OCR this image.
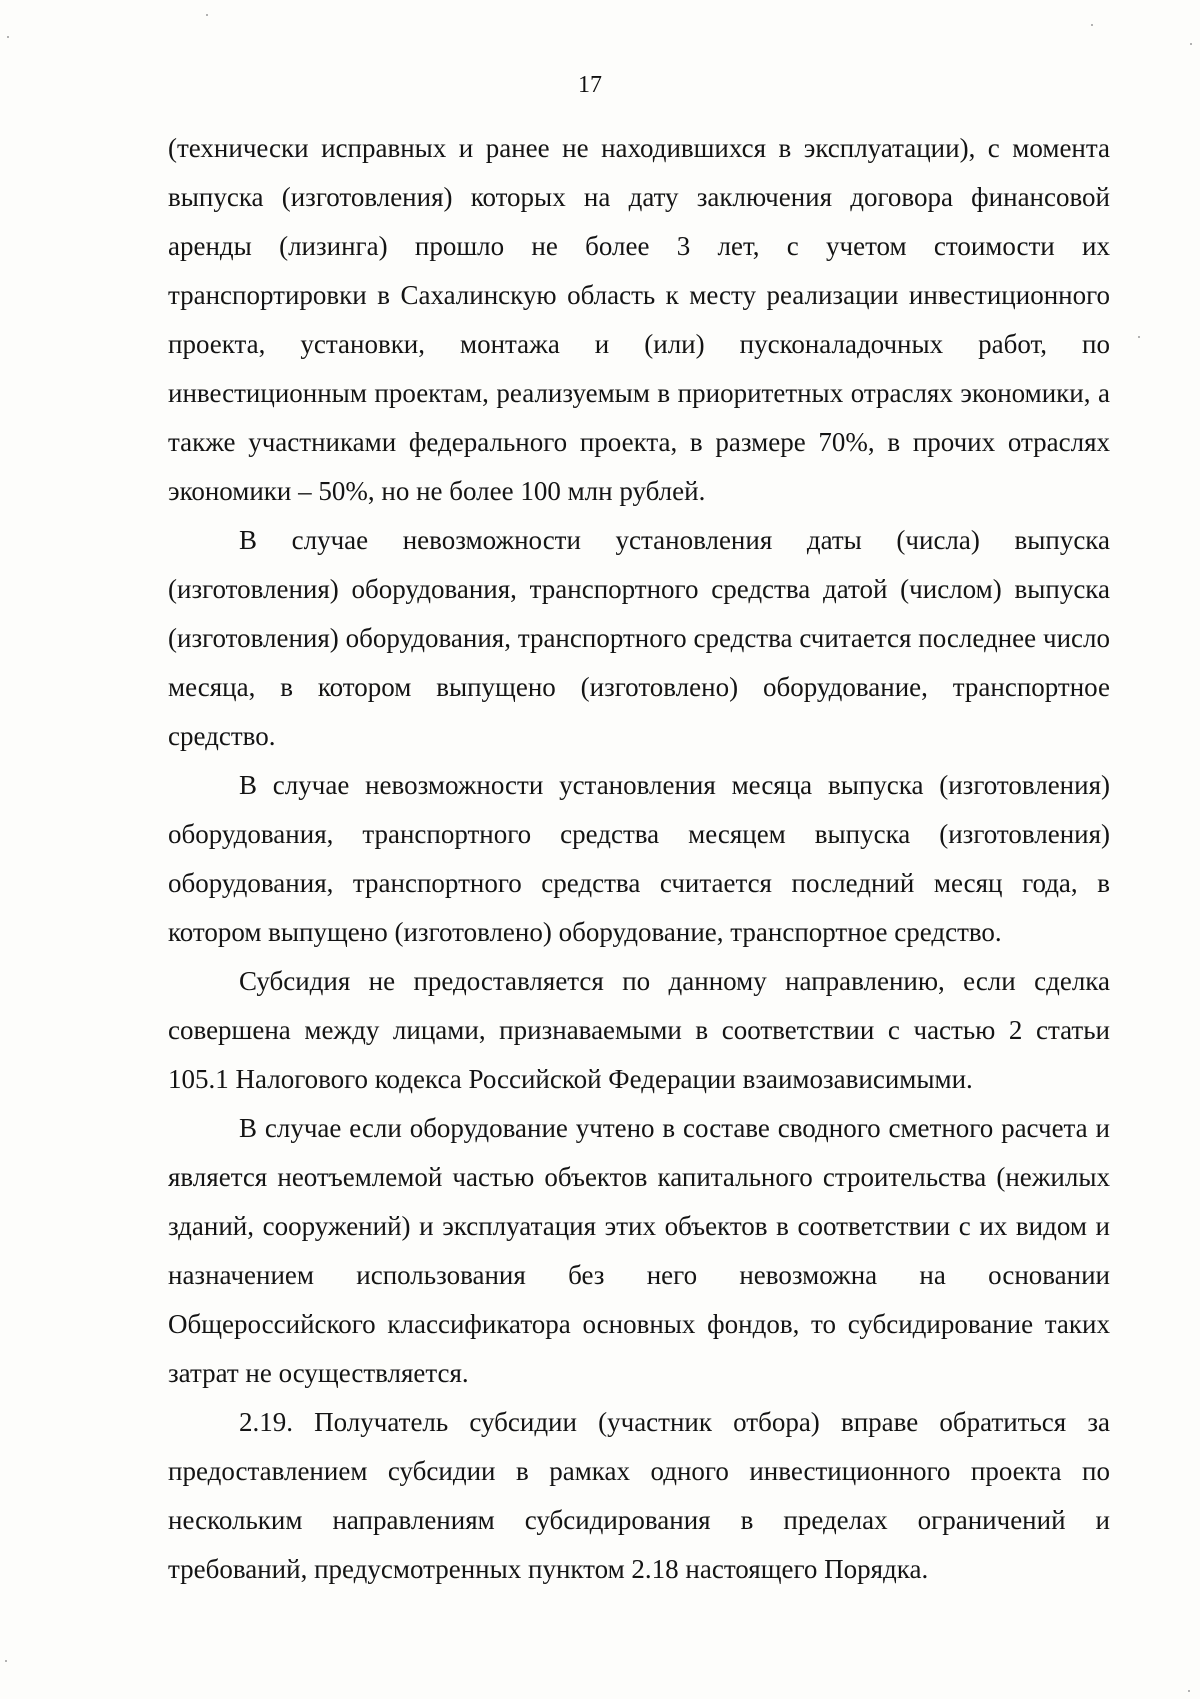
17

(технически исправных и ранее не находившихся в эксплуатации), с момента выпуска (изготовления) которых на дату заключения договора финансовой аренды (лизинга) прошло не более 3 лет, с учетом стоимости их транспортировки в Сахалинскую область к месту реализации инвестиционного проекта, установки, монтажа и (или) пусконаладочных работ, по инвестиционным проектам, реализуемым в приоритетных отраслях экономики, а также участниками федерального проекта, в размере 70%, в прочих отраслях экономики – 50%, но не более 100 млн рублей.

В случае невозможности установления даты (числа) выпуска (изготовления) оборудования, транспортного средства датой (числом) выпуска (изготовления) оборудования, транспортного средства считается последнее число месяца, в котором выпущено (изготовлено) оборудование, транспортное средство.

В случае невозможности установления месяца выпуска (изготовления) оборудования, транспортного средства месяцем выпуска (изготовления) оборудования, транспортного средства считается последний месяц года, в котором выпущено (изготовлено) оборудование, транспортное средство.

Субсидия не предоставляется по данному направлению, если сделка совершена между лицами, признаваемыми в соответствии с частью 2 статьи 105.1 Налогового кодекса Российской Федерации взаимозависимыми.

В случае если оборудование учтено в составе сводного сметного расчета и является неотъемлемой частью объектов капитального строительства (нежилых зданий, сооружений) и эксплуатация этих объектов в соответствии с их видом и назначением использования без него невозможна на основании Общероссийского классификатора основных фондов, то субсидирование таких затрат не осуществляется.

2.19. Получатель субсидии (участник отбора) вправе обратиться за предоставлением субсидии в рамках одного инвестиционного проекта по нескольким направлениям субсидирования в пределах ограничений и требований, предусмотренных пунктом 2.18 настоящего Порядка.
